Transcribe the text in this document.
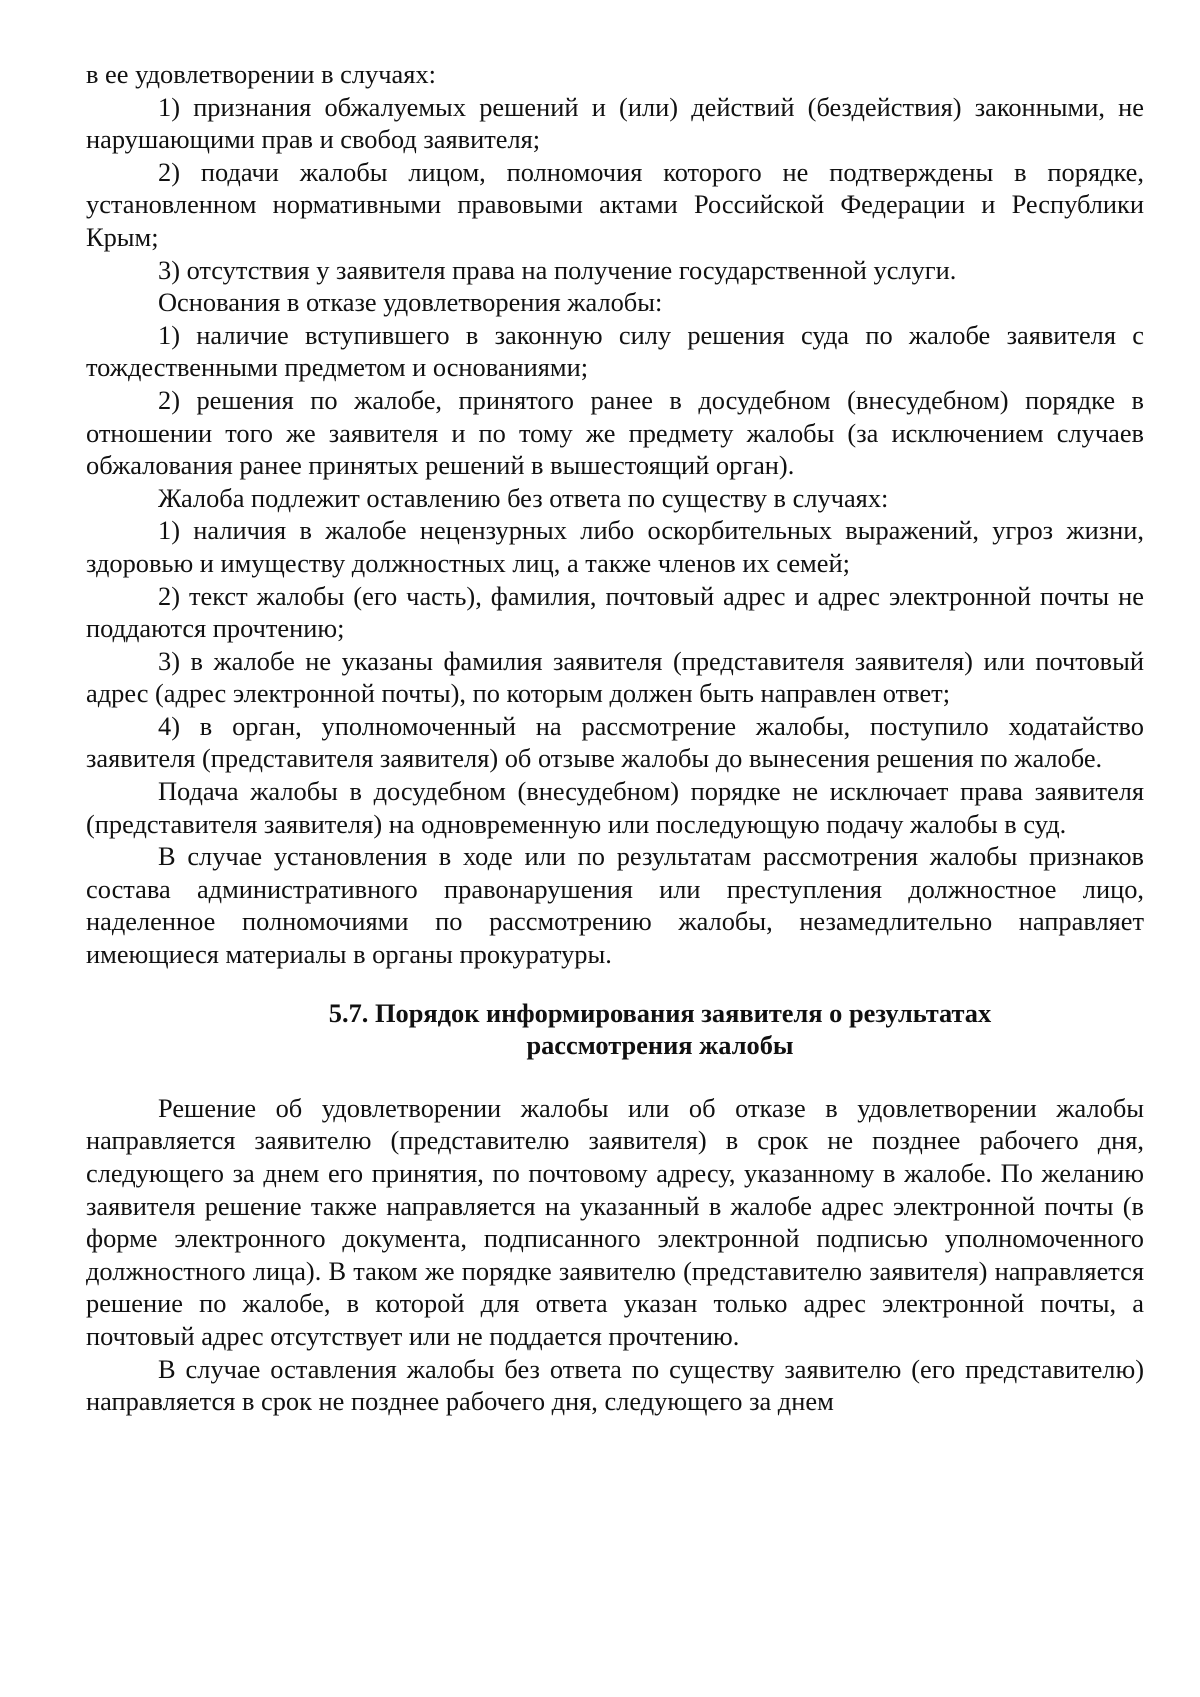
в ее удовлетворении в случаях:

1) признания обжалуемых решений и (или) действий (бездействия) законными, не нарушающими прав и свобод заявителя;

2) подачи жалобы лицом, полномочия которого не подтверждены в порядке, установленном нормативными правовыми актами Российской Федерации и Республики Крым;

3) отсутствия у заявителя права на получение государственной услуги.

Основания в отказе удовлетворения жалобы:

1) наличие вступившего в законную силу решения суда по жалобе заявителя с тождественными предметом и основаниями;

2) решения по жалобе, принятого ранее в досудебном (внесудебном) порядке в отношении того же заявителя и по тому же предмету жалобы (за исключением случаев обжалования ранее принятых решений в вышестоящий орган).

Жалоба подлежит оставлению без ответа по существу в случаях:

1) наличия в жалобе нецензурных либо оскорбительных выражений, угроз жизни, здоровью и имуществу должностных лиц, а также членов их семей;

2) текст жалобы (его часть), фамилия, почтовый адрес и адрес электронной почты не поддаются прочтению;

3) в жалобе не указаны фамилия заявителя (представителя заявителя) или почтовый адрес (адрес электронной почты), по которым должен быть направлен ответ;

4) в орган, уполномоченный на рассмотрение жалобы, поступило ходатайство заявителя (представителя заявителя) об отзыве жалобы до вынесения решения по жалобе.

Подача жалобы в досудебном (внесудебном) порядке не исключает права заявителя (представителя заявителя) на одновременную или последующую подачу жалобы в суд.

В случае установления в ходе или по результатам рассмотрения жалобы признаков состава административного правонарушения или преступления должностное лицо, наделенное полномочиями по рассмотрению жалобы, незамедлительно направляет имеющиеся материалы в органы прокуратуры.

5.7. Порядок информирования заявителя о результатах
рассмотрения жалобы

Решение об удовлетворении жалобы или об отказе в удовлетворении жалобы направляется заявителю (представителю заявителя) в срок не позднее рабочего дня, следующего за днем его принятия, по почтовому адресу, указанному в жалобе. По желанию заявителя решение также направляется на указанный в жалобе адрес электронной почты (в форме электронного документа, подписанного электронной подписью уполномоченного должностного лица). В таком же порядке заявителю (представителю заявителя) направляется решение по жалобе, в которой для ответа указан только адрес электронной почты, а почтовый адрес отсутствует или не поддается прочтению.

В случае оставления жалобы без ответа по существу заявителю (его представителю) направляется в срок не позднее рабочего дня, следующего за днем
